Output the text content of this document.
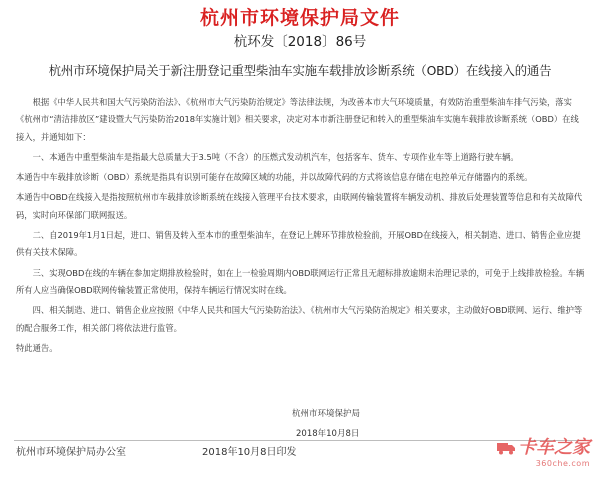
杭州市环境保护局文件
杭环发〔2018〕86号
杭州市环境保护局关于新注册登记重型柴油车实施车载排放诊断系统（OBD）在线接入的通告

根据《中华人民共和国大气污染防治法》、《杭州市大气污染防治规定》等法律法规，为改善本市大气环境质量，有效防治重型柴油车排气污染，落实《杭州市“清洁排放区”建设暨大气污染防治2018年实施计划》相关要求，决定对本市新注册登记和转入的重型柴油车实施车载排放诊断系统（OBD）在线接入，并通知如下：

一、本通告中重型柴油车是指最大总质量大于3.5吨（不含）的压燃式发动机汽车，包括客车、货车、专项作业车等上道路行驶车辆。

本通告中车载排放诊断（OBD）系统是指具有识别可能存在故障区域的功能，并以故障代码的方式将该信息存储在电控单元存储器内的系统。

本通告中OBD在线接入是指按照杭州市车载排放诊断系统在线接入管理平台技术要求，由联网传输装置将车辆发动机、排放后处理装置等信息和有关故障代码，实时向环保部门联网报送。

二、自2019年1月1日起，进口、销售及转入至本市的重型柴油车，在登记上牌环节排放检验前，开展OBD在线接入，相关制造、进口、销售企业应提供有关技术保障。

三、实现OBD在线的车辆在参加定期排放检验时，如在上一检验周期内OBD联网运行正常且无超标排放逾期未治理记录的，可免于上线排放检验。车辆所有人应当确保OBD联网传输装置正常使用，保持车辆运行情况实时在线。

四、相关制造、进口、销售企业应按照《中华人民共和国大气污染防治法》、《杭州市大气污染防治规定》相关要求，主动做好OBD联网、运行、维护等的配合服务工作，相关部门将依法进行监管。

特此通告。

杭州市环境保护局
2018年10月8日
杭州市环境保护局办公室	2018年10月8日印发	卡车之家
360che.com
